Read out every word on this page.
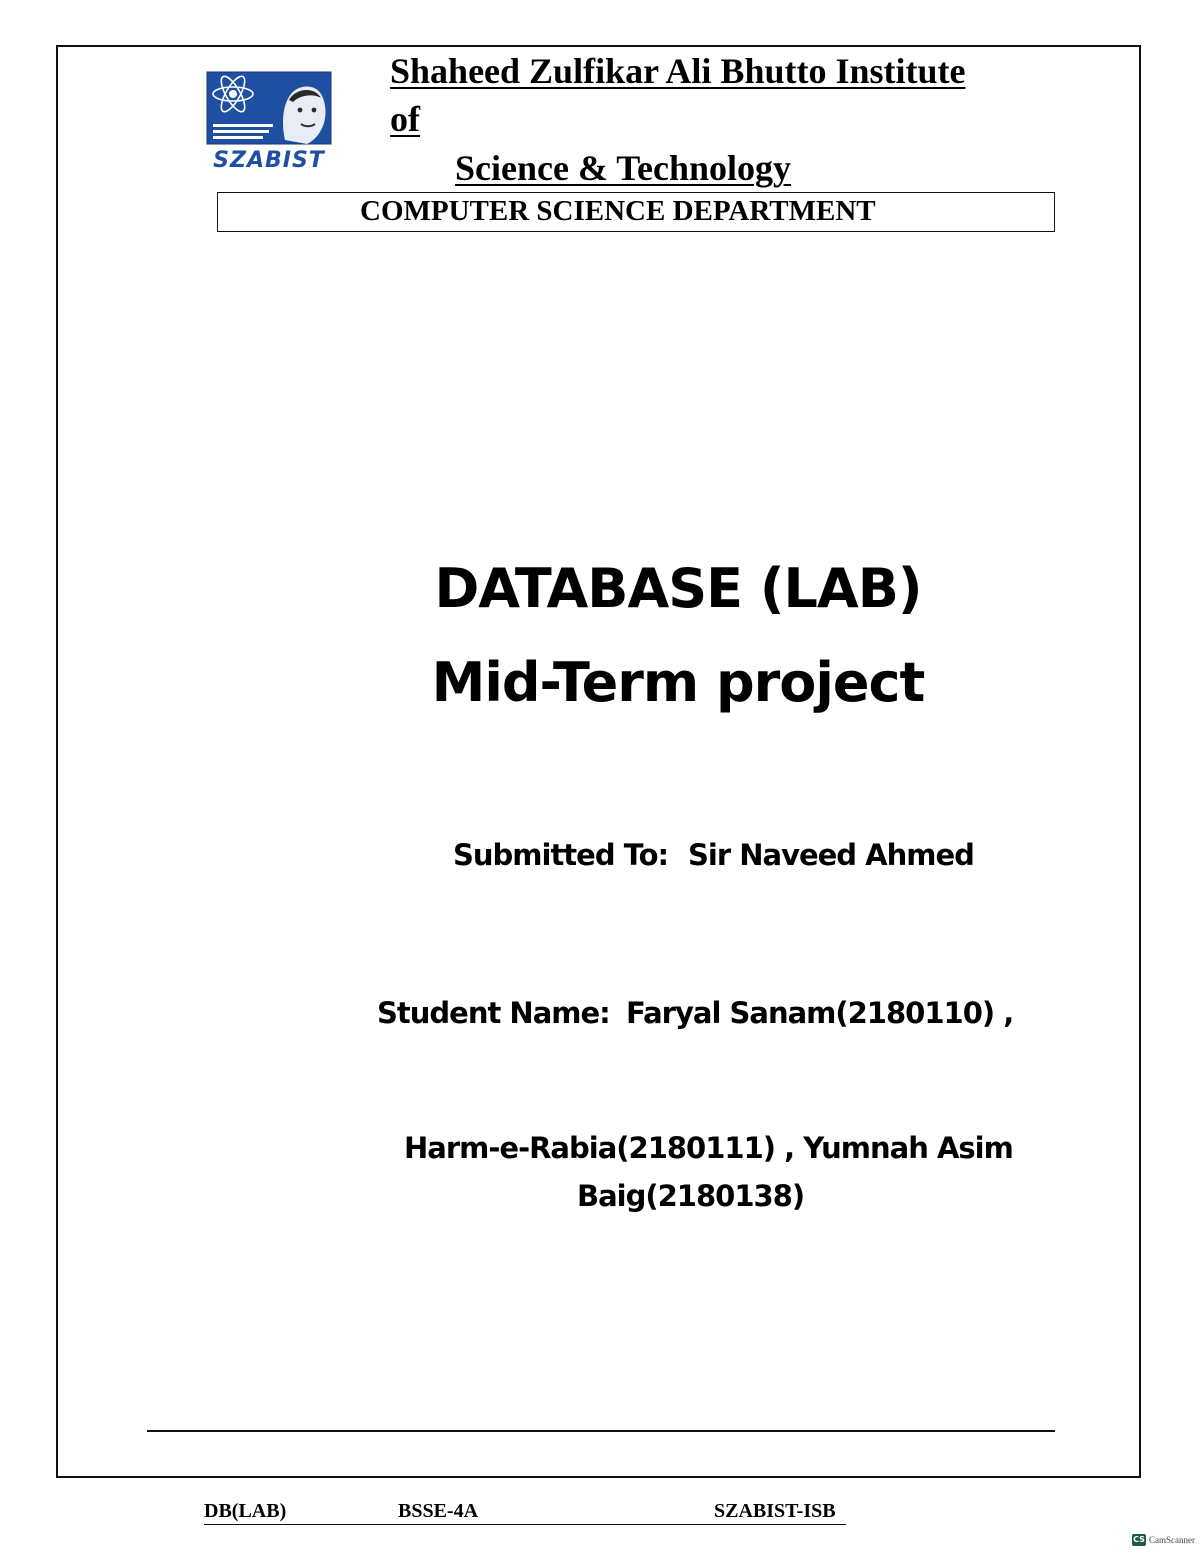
SZABIST
Shaheed Zulfikar Ali Bhutto Institute
of
Science & Technology
COMPUTER SCIENCE DEPARTMENT
DATABASE (LAB)
Mid-Term project
Submitted To: Sir Naveed Ahmed
Student Name: Faryal Sanam(2180110) ,
Harm-e-Rabia(2180111) , Yumnah Asim
Baig(2180138)
DB(LAB)	BSSE-4A	SZABIST-ISB
CS CamScanner
